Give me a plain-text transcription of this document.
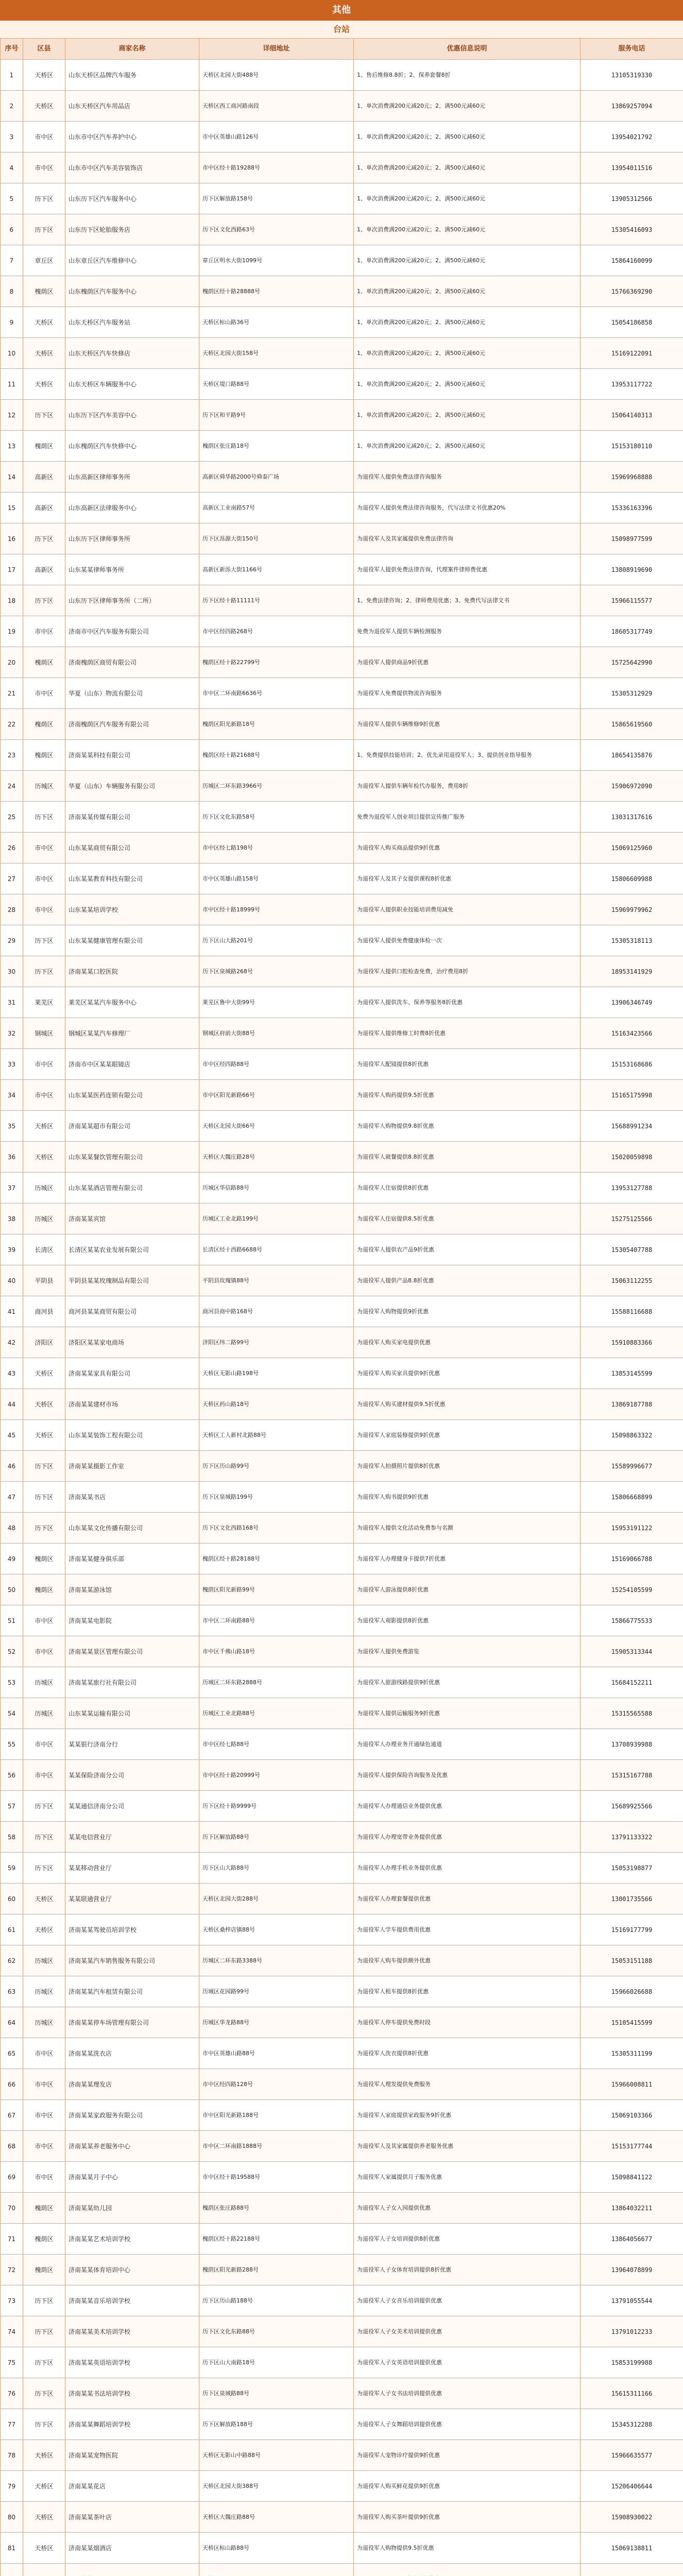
其他
台站
序号	区县	商家名称	详细地址	优惠信息说明	服务电话
1	天桥区	山东天桥区品牌汽车服务	天桥区北园大街488号	1、售后维修8.8折；2、保养套餐8折	13105319330
2	天桥区	山东天桥区汽车用品店	天桥区西工商河路南段	1、单次消费满200元减20元；2、满500元减60元	13869257094
3	市中区	山东市中区汽车养护中心	市中区英雄山路126号	1、单次消费满200元减20元；2、满500元减60元	13954021792
4	市中区	山东市中区汽车美容装饰店	市中区经十路19288号	1、单次消费满200元减20元；2、满500元减60元	13954011516
5	历下区	山东历下区汽车服务中心	历下区解放路158号	1、单次消费满200元减20元；2、满500元减60元	13905312566
6	历下区	山东历下区轮胎服务店	历下区文化西路63号	1、单次消费满200元减20元；2、满500元减60元	15305416093
7	章丘区	山东章丘区汽车维修中心	章丘区明水大街1099号	1、单次消费满200元减20元；2、满500元减60元	15864160099
8	槐荫区	山东槐荫区汽车服务中心	槐荫区经十路28888号	1、单次消费满200元减20元；2、满500元减60元	15766369290
9	天桥区	山东天桥区汽车服务站	天桥区标山路36号	1、单次消费满200元减20元；2、满500元减60元	15054186858
10	天桥区	山东天桥区汽车快修店	天桥区北园大街158号	1、单次消费满200元减20元；2、满500元减60元	15169122091
11	天桥区	山东天桥区车辆服务中心	天桥区堤口路88号	1、单次消费满200元减20元；2、满500元减60元	13953117722
12	历下区	山东历下区汽车美容中心	历下区和平路9号	1、单次消费满200元减20元；2、满500元减60元	15064140313
13	槐荫区	山东槐荫区汽车快修中心	槐荫区张庄路18号	1、单次消费满200元减20元；2、满500元减60元	15153180110
14	高新区	山东高新区律师事务所	高新区舜华路2000号舜泰广场	为退役军人提供免费法律咨询服务	15969968888
15	高新区	山东高新区法律服务中心	高新区工业南路57号	为退役军人提供免费法律咨询服务，代写法律文书优惠20%	15336163396
16	历下区	山东历下区律师事务所	历下区泺源大街150号	为退役军人及其家属提供免费法律咨询	15098977599
17	高新区	山东某某律师事务所	高新区新泺大街1166号	为退役军人提供免费法律咨询，代理案件律师费优惠	13808919690
18	历下区	山东历下区律师事务所（二所）	历下区经十路11111号	1、免费法律咨询；2、律师费用优惠；3、免费代写法律文书	15966115577
19	市中区	济南市中区汽车服务有限公司	市中区经四路268号	免费为退役军人提供车辆检测服务	18605317749
20	槐荫区	济南槐荫区商贸有限公司	槐荫区经十路22799号	为退役军人提供商品9折优惠	15725642990
21	市中区	华夏（山东）物流有限公司	市中区二环南路6636号	为退役军人免费提供物流咨询服务	15305312929
22	槐荫区	济南槐荫区汽车服务有限公司	槐荫区阳光新路18号	为退役军人提供车辆维修9折优惠	15865619560
23	槐荫区	济南某某科技有限公司	槐荫区经十路21688号	1、免费提供技能培训；2、优先录用退役军人；3、提供创业指导服务	18654135876
24	历城区	华夏（山东）车辆服务有限公司	历城区二环东路3966号	为退役军人提供车辆年检代办服务，费用8折	15906972090
25	历下区	济南某某传媒有限公司	历下区文化东路58号	免费为退役军人创业项目提供宣传推广服务	13031317616
26	市中区	山东某某商贸有限公司	市中区经七路198号	为退役军人购买商品提供9折优惠	15069125960
27	市中区	山东某某教育科技有限公司	市中区英雄山路158号	为退役军人及其子女提供课程8折优惠	15806609988
28	市中区	山东某某培训学校	市中区经十路18999号	为退役军人提供职业技能培训费用减免	15969979962
29	历下区	山东某某健康管理有限公司	历下区山大路201号	为退役军人提供免费健康体检一次	15305318113
30	历下区	济南某某口腔医院	历下区泉城路268号	为退役军人提供口腔检查免费，治疗费用8折	18953141929
31	莱芜区	莱芜区某某汽车服务中心	莱芜区鲁中大街99号	为退役军人提供洗车、保养等服务8折优惠	13906346749
32	钢城区	钢城区某某汽车修理厂	钢城区府前大街88号	为退役军人提供维修工时费8折优惠	15163423566
33	市中区	济南市中区某某眼镜店	市中区经四路88号	为退役军人配镜提供8折优惠	15153168686
34	市中区	山东某某医药连锁有限公司	市中区阳光新路66号	为退役军人购药提供9.5折优惠	15165175998
35	天桥区	济南某某超市有限公司	天桥区北园大街66号	为退役军人购物提供9.8折优惠	15688991234
36	天桥区	山东某某餐饮管理有限公司	天桥区大魏庄路28号	为退役军人就餐提供8.8折优惠	15020059898
37	历城区	山东某某酒店管理有限公司	历城区华信路88号	为退役军人住宿提供8折优惠	13953127788
38	历城区	济南某某宾馆	历城区工业北路199号	为退役军人住宿提供8.5折优惠	15275125566
39	长清区	长清区某某农业发展有限公司	长清区经十西路6688号	为退役军人提供农产品9折优惠	15305407788
40	平阴县	平阴县某某玫瑰制品有限公司	平阴县玫瑰镇88号	为退役军人提供产品8.8折优惠	15063112255
41	商河县	商河县某某商贸有限公司	商河县商中路168号	为退役军人购物提供9折优惠	15588116688
42	济阳区	济阳区某某家电商场	济阳区纬二路99号	为退役军人购买家电提供优惠	15910883366
43	天桥区	济南某某家具有限公司	天桥区无影山路198号	为退役军人购买家具提供9折优惠	13853145599
44	天桥区	济南某某建材市场	天桥区药山路18号	为退役军人购买建材提供9.5折优惠	13869187788
45	天桥区	山东某某装饰工程有限公司	天桥区工人新村北路88号	为退役军人家庭装修提供9折优惠	15098863322
46	历下区	济南某某摄影工作室	历下区历山路99号	为退役军人拍摄照片提供8折优惠	15589996677
47	历下区	济南某某书店	历下区泉城路199号	为退役军人购书提供9折优惠	15806668899
48	历下区	山东某某文化传播有限公司	历下区文化西路168号	为退役军人提供文化活动免费参与名额	15953191122
49	槐荫区	济南某某健身俱乐部	槐荫区经十路28188号	为退役军人办理健身卡提供7折优惠	15169066788
50	槐荫区	济南某某游泳馆	槐荫区阳光新路99号	为退役军人游泳提供8折优惠	15254105599
51	市中区	济南某某电影院	市中区二环南路88号	为退役军人观影提供8折优惠	15866775533
52	市中区	济南某某景区管理有限公司	市中区千佛山路18号	为退役军人提供免费游览	15905313344
53	历城区	济南某某旅行社有限公司	历城区二环东路2888号	为退役军人旅游线路提供9折优惠	15684152211
54	历城区	山东某某运输有限公司	历城区工业北路88号	为退役军人提供运输服务9折优惠	15315565588
55	市中区	某某银行济南分行	市中区经七路88号	为退役军人办理业务开通绿色通道	13708939988
56	市中区	某某保险济南分公司	市中区经十路20999号	为退役军人提供保险咨询服务及优惠	15315167788
57	历下区	某某通信济南分公司	历下区经十路9999号	为退役军人办理通信业务提供优惠	15689925566
58	历下区	某某电信营业厅	历下区解放路88号	为退役军人办理宽带业务提供优惠	13791133322
59	历下区	某某移动营业厅	历下区山大路88号	为退役军人办理手机业务提供优惠	15053198877
60	天桥区	某某联通营业厅	天桥区北园大街288号	为退役军人办理套餐提供优惠	13001735566
61	天桥区	济南某某驾驶员培训学校	天桥区桑梓店镇88号	为退役军人学车提供费用优惠	15169177799
62	历城区	济南某某汽车销售服务有限公司	历城区二环东路3388号	为退役军人购车提供额外优惠	15053151188
63	历城区	济南某某汽车租赁有限公司	历城区花园路99号	为退役军人租车提供8折优惠	15966026688
64	历城区	济南某某停车场管理有限公司	历城区华龙路88号	为退役军人停车提供免费时段	15105415599
65	市中区	济南某某洗衣店	市中区英雄山路88号	为退役军人洗衣提供8折优惠	15305311199
66	市中区	济南某某理发店	市中区经四路128号	为退役军人理发提供免费服务	15966008811
67	市中区	济南某某家政服务有限公司	市中区阳光新路188号	为退役军人家庭提供家政服务9折优惠	15069103366
68	市中区	济南某某养老服务中心	市中区二环南路1888号	为退役军人及其家属提供养老服务优惠	15153177744
69	市中区	济南某某月子中心	市中区经十路19588号	为退役军人家属提供月子服务优惠	15098841122
70	槐荫区	济南某某幼儿园	槐荫区张庄路88号	为退役军人子女入园提供优惠	13864032211
71	槐荫区	济南某某艺术培训学校	槐荫区经十路22188号	为退役军人子女培训提供8折优惠	13864056677
72	槐荫区	济南某某体育培训中心	槐荫区阳光新路288号	为退役军人子女体育培训提供8折优惠	13964078899
73	历下区	济南某某音乐培训学校	历下区历山路188号	为退役军人子女音乐培训提供优惠	13791055544
74	历下区	济南某某美术培训学校	历下区文化东路88号	为退役军人子女美术培训提供优惠	13791012233
75	历下区	济南某某英语培训学校	历下区山大南路18号	为退役军人子女英语培训提供优惠	15853199988
76	历下区	济南某某书法培训学校	历下区泉城路88号	为退役军人子女书法培训提供优惠	15615311166
77	历下区	济南某某舞蹈培训学校	历下区解放路188号	为退役军人子女舞蹈培训提供优惠	15345312288
78	天桥区	济南某某宠物医院	天桥区无影山中路88号	为退役军人宠物诊疗提供9折优惠	15966635577
79	天桥区	济南某某花店	天桥区北园大街388号	为退役军人购买鲜花提供9折优惠	15206406644
80	天桥区	济南某某茶叶店	天桥区大魏庄路88号	为退役军人购买茶叶提供9折优惠	15908930022
81	天桥区	济南某某烟酒店	天桥区标山路88号	为退役军人购物提供9.5折优惠	15069138811
